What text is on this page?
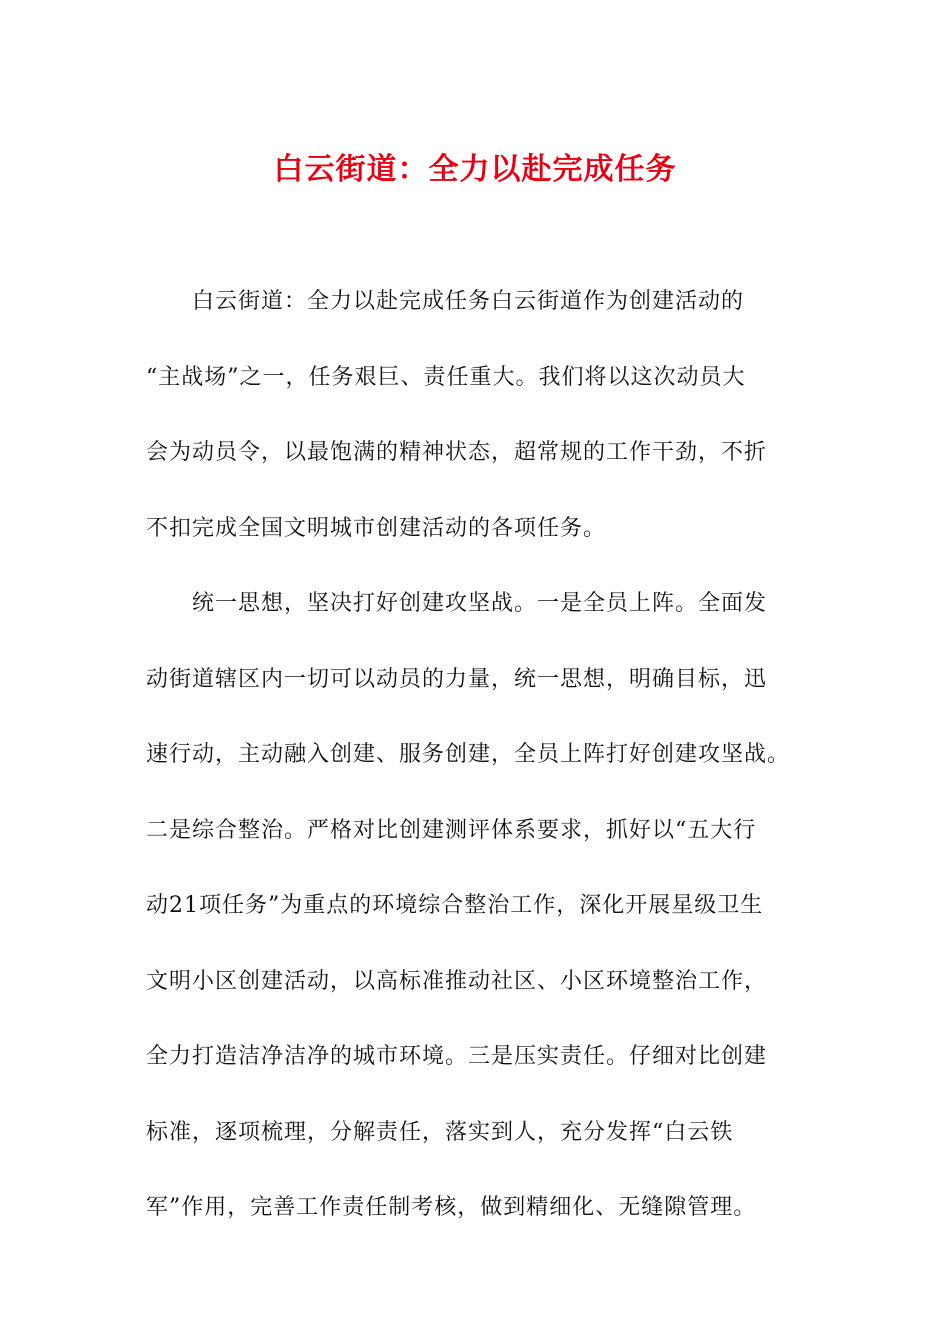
白云街道：全力以赴完成任务
　　白云街道：全力以赴完成任务白云街道作为创建活动的
“主战场”之一，任务艰巨、责任重大。我们将以这次动员大
会为动员令，以最饱满的精神状态，超常规的工作干劲，不折
不扣完成全国文明城市创建活动的各项任务。
　　统一思想，坚决打好创建攻坚战。一是全员上阵。全面发
动街道辖区内一切可以动员的力量，统一思想，明确目标，迅
速行动，主动融入创建、服务创建，全员上阵打好创建攻坚战。
二是综合整治。严格对比创建测评体系要求，抓好以“五大行
动21项任务”为重点的环境综合整治工作，深化开展星级卫生
文明小区创建活动，以高标准推动社区、小区环境整治工作，
全力打造洁净洁净的城市环境。三是压实责任。仔细对比创建
标准，逐项梳理，分解责任，落实到人，充分发挥“白云铁
军”作用，完善工作责任制考核，做到精细化、无缝隙管理。
